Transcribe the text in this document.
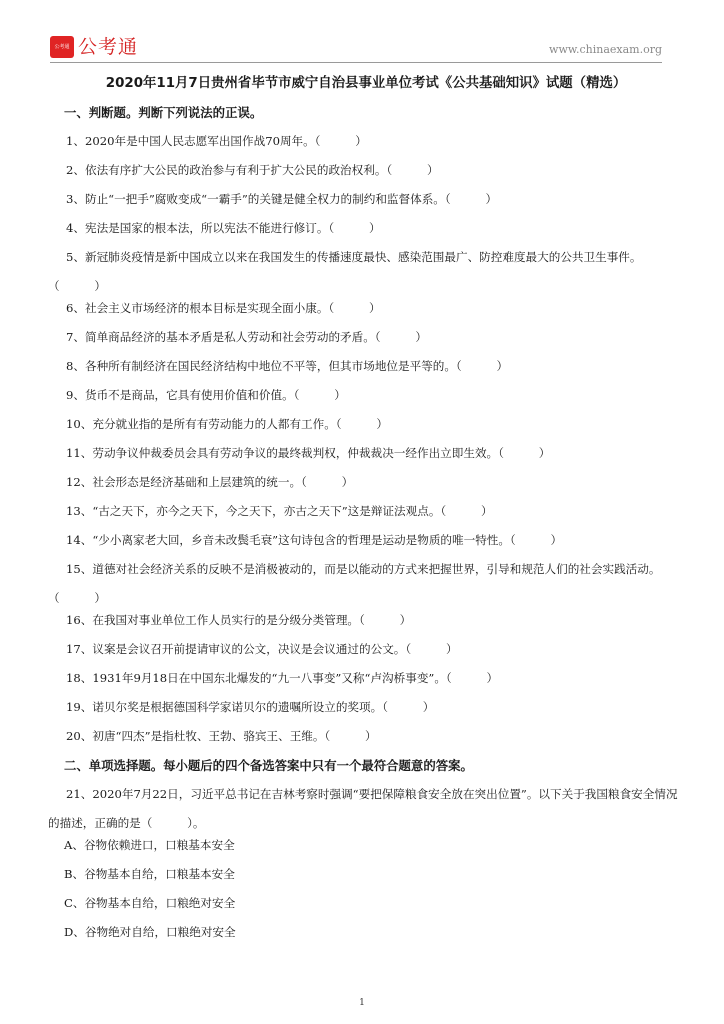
公考通 公考通	www.chinaexam.org
2020年11月7日贵州省毕节市威宁自治县事业单位考试《公共基础知识》试题（精选）
一、判断题。判断下列说法的正误。
1、2020年是中国人民志愿军出国作战70周年。（　　　）
2、依法有序扩大公民的政治参与有利于扩大公民的政治权利。（　　　）
3、防止“一把手”腐败变成“一霸手”的关键是健全权力的制约和监督体系。（　　　）
4、宪法是国家的根本法，所以宪法不能进行修订。（　　　）
5、新冠肺炎疫情是新中国成立以来在我国发生的传播速度最快、感染范围最广、防控难度最大的公共卫生事件。（　　　）
6、社会主义市场经济的根本目标是实现全面小康。（　　　）
7、简单商品经济的基本矛盾是私人劳动和社会劳动的矛盾。（　　　）
8、各种所有制经济在国民经济结构中地位不平等，但其市场地位是平等的。（　　　）
9、货币不是商品，它具有使用价值和价值。（　　　）
10、充分就业指的是所有有劳动能力的人都有工作。（　　　）
11、劳动争议仲裁委员会具有劳动争议的最终裁判权，仲裁裁决一经作出立即生效。（　　　）
12、社会形态是经济基础和上层建筑的统一。（　　　）
13、“古之天下，亦今之天下，今之天下，亦古之天下”这是辩证法观点。（　　　）
14、“少小离家老大回，乡音未改鬓毛衰”这句诗包含的哲理是运动是物质的唯一特性。（　　　）
15、道德对社会经济关系的反映不是消极被动的，而是以能动的方式来把握世界，引导和规范人们的社会实践活动。（　　　）
16、在我国对事业单位工作人员实行的是分级分类管理。（　　　）
17、议案是会议召开前提请审议的公文，决议是会议通过的公文。（　　　）
18、1931年9月18日在中国东北爆发的“九一八事变”又称“卢沟桥事变”。（　　　）
19、诺贝尔奖是根据德国科学家诺贝尔的遗嘱所设立的奖项。（　　　）
20、初唐“四杰”是指杜牧、王勃、骆宾王、王维。（　　　）
二、单项选择题。每小题后的四个备选答案中只有一个最符合题意的答案。
21、2020年7月22日，习近平总书记在吉林考察时强调“要把保障粮食安全放在突出位置”。以下关于我国粮食安全情况的描述，正确的是（　　　）。
A、谷物依赖进口，口粮基本安全
B、谷物基本自给，口粮基本安全
C、谷物基本自给，口粮绝对安全
D、谷物绝对自给，口粮绝对安全
1
